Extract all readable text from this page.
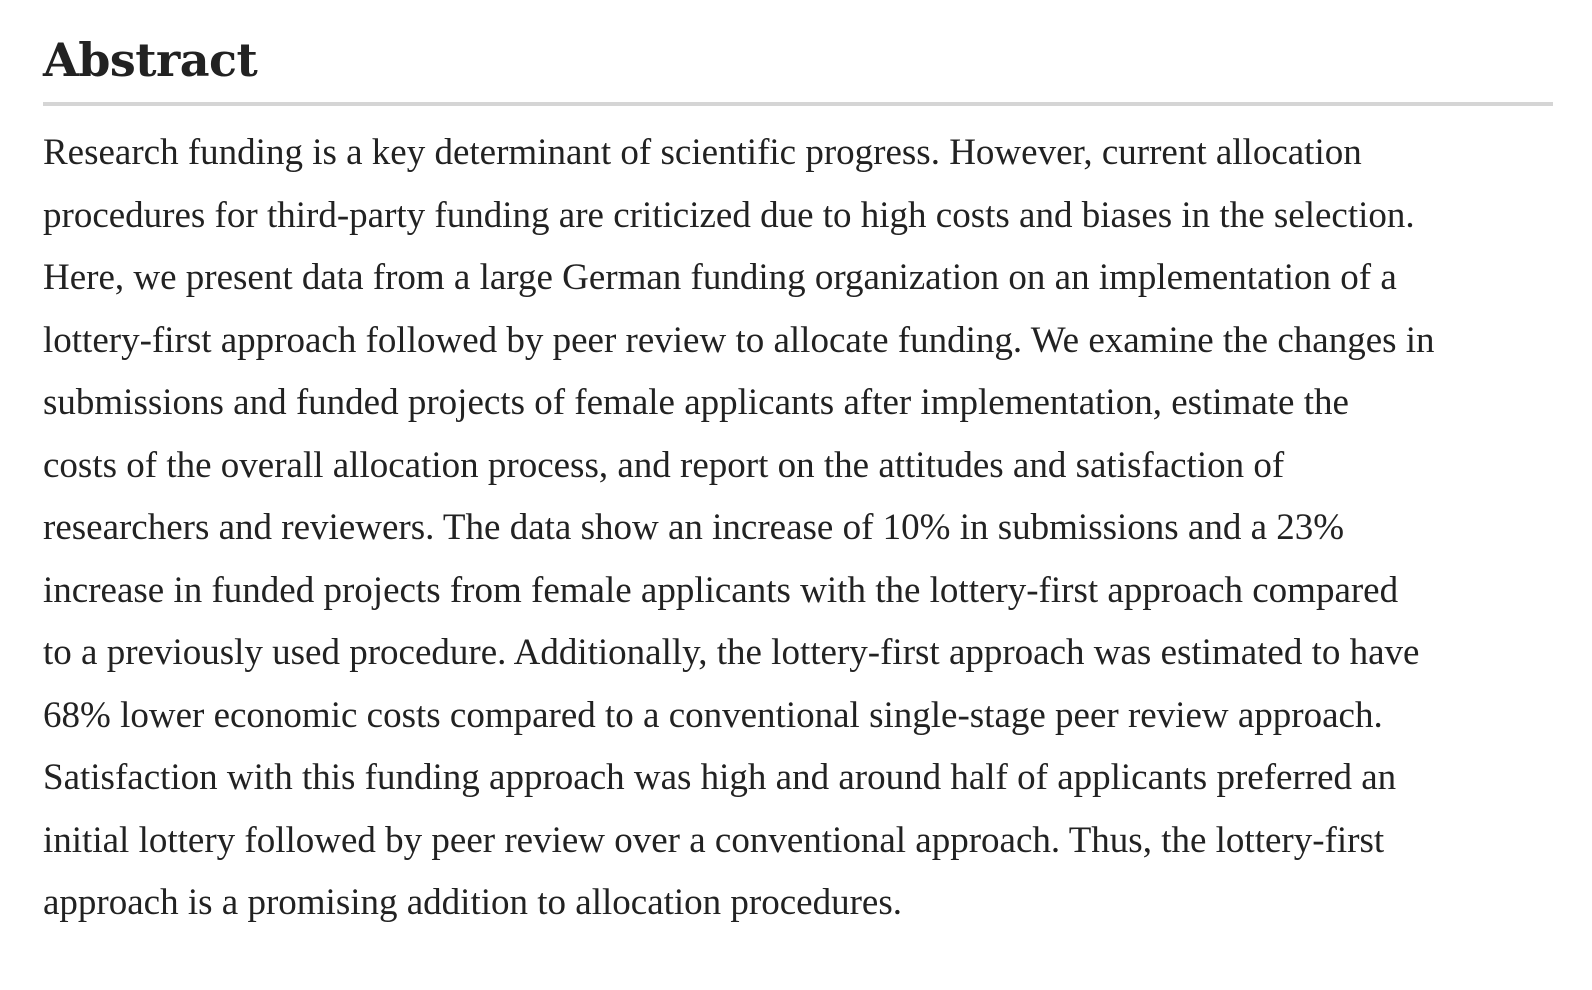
Abstract

Research funding is a key determinant of scientific progress. However, current allocation
procedures for third-party funding are criticized due to high costs and biases in the selection.
Here, we present data from a large German funding organization on an implementation of a
lottery-first approach followed by peer review to allocate funding. We examine the changes in
submissions and funded projects of female applicants after implementation, estimate the
costs of the overall allocation process, and report on the attitudes and satisfaction of
researchers and reviewers. The data show an increase of 10% in submissions and a 23%
increase in funded projects from female applicants with the lottery-first approach compared
to a previously used procedure. Additionally, the lottery-first approach was estimated to have
68% lower economic costs compared to a conventional single-stage peer review approach.
Satisfaction with this funding approach was high and around half of applicants preferred an
initial lottery followed by peer review over a conventional approach. Thus, the lottery-first
approach is a promising addition to allocation procedures.
